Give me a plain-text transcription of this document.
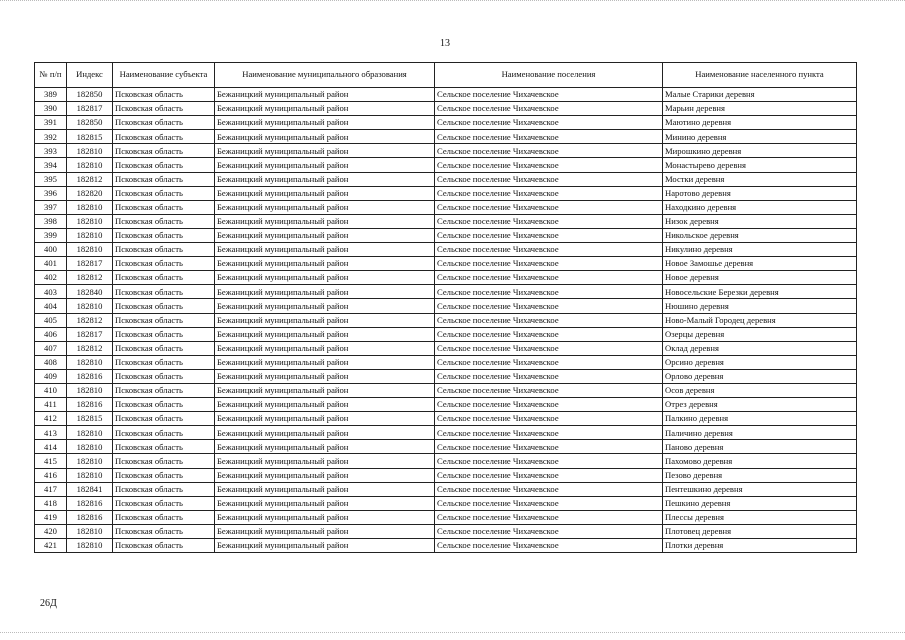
13
№ п/п	Индекс	Наименование субъекта	Наименование муниципального образования	Наименование поселения	Наименование населенного пункта
389	182850	Псковская область	Бежаницкий муниципальный район	Сельское поселение Чихачевское	Малые Старики деревня
390	182817	Псковская область	Бежаницкий муниципальный район	Сельское поселение Чихачевское	Марьин деревня
391	182850	Псковская область	Бежаницкий муниципальный район	Сельское поселение Чихачевское	Маютино деревня
392	182815	Псковская область	Бежаницкий муниципальный район	Сельское поселение Чихачевское	Минино деревня
393	182810	Псковская область	Бежаницкий муниципальный район	Сельское поселение Чихачевское	Мирошкино деревня
394	182810	Псковская область	Бежаницкий муниципальный район	Сельское поселение Чихачевское	Монастырево деревня
395	182812	Псковская область	Бежаницкий муниципальный район	Сельское поселение Чихачевское	Мостки деревня
396	182820	Псковская область	Бежаницкий муниципальный район	Сельское поселение Чихачевское	Наротово деревня
397	182810	Псковская область	Бежаницкий муниципальный район	Сельское поселение Чихачевское	Находкино деревня
398	182810	Псковская область	Бежаницкий муниципальный район	Сельское поселение Чихачевское	Низок деревня
399	182810	Псковская область	Бежаницкий муниципальный район	Сельское поселение Чихачевское	Никольское деревня
400	182810	Псковская область	Бежаницкий муниципальный район	Сельское поселение Чихачевское	Никулино деревня
401	182817	Псковская область	Бежаницкий муниципальный район	Сельское поселение Чихачевское	Новое Замошье деревня
402	182812	Псковская область	Бежаницкий муниципальный район	Сельское поселение Чихачевское	Новое деревня
403	182840	Псковская область	Бежаницкий муниципальный район	Сельское поселение Чихачевское	Новосельские Березки деревня
404	182810	Псковская область	Бежаницкий муниципальный район	Сельское поселение Чихачевское	Нюшино деревня
405	182812	Псковская область	Бежаницкий муниципальный район	Сельское поселение Чихачевское	Ново-Малый Городец деревня
406	182817	Псковская область	Бежаницкий муниципальный район	Сельское поселение Чихачевское	Озерцы деревня
407	182812	Псковская область	Бежаницкий муниципальный район	Сельское поселение Чихачевское	Оклад деревня
408	182810	Псковская область	Бежаницкий муниципальный район	Сельское поселение Чихачевское	Орсино деревня
409	182816	Псковская область	Бежаницкий муниципальный район	Сельское поселение Чихачевское	Орлово деревня
410	182810	Псковская область	Бежаницкий муниципальный район	Сельское поселение Чихачевское	Осов деревня
411	182816	Псковская область	Бежаницкий муниципальный район	Сельское поселение Чихачевское	Отрез деревня
412	182815	Псковская область	Бежаницкий муниципальный район	Сельское поселение Чихачевское	Палкино деревня
413	182810	Псковская область	Бежаницкий муниципальный район	Сельское поселение Чихачевское	Паличино деревня
414	182810	Псковская область	Бежаницкий муниципальный район	Сельское поселение Чихачевское	Паново деревня
415	182810	Псковская область	Бежаницкий муниципальный район	Сельское поселение Чихачевское	Пахомово деревня
416	182810	Псковская область	Бежаницкий муниципальный район	Сельское поселение Чихачевское	Пезово деревня
417	182841	Псковская область	Бежаницкий муниципальный район	Сельское поселение Чихачевское	Пентешкино деревня
418	182816	Псковская область	Бежаницкий муниципальный район	Сельское поселение Чихачевское	Пешкино деревня
419	182816	Псковская область	Бежаницкий муниципальный район	Сельское поселение Чихачевское	Плессы деревня
420	182810	Псковская область	Бежаницкий муниципальный район	Сельское поселение Чихачевское	Плотовец деревня
421	182810	Псковская область	Бежаницкий муниципальный район	Сельское поселение Чихачевское	Плотки деревня
26Д
